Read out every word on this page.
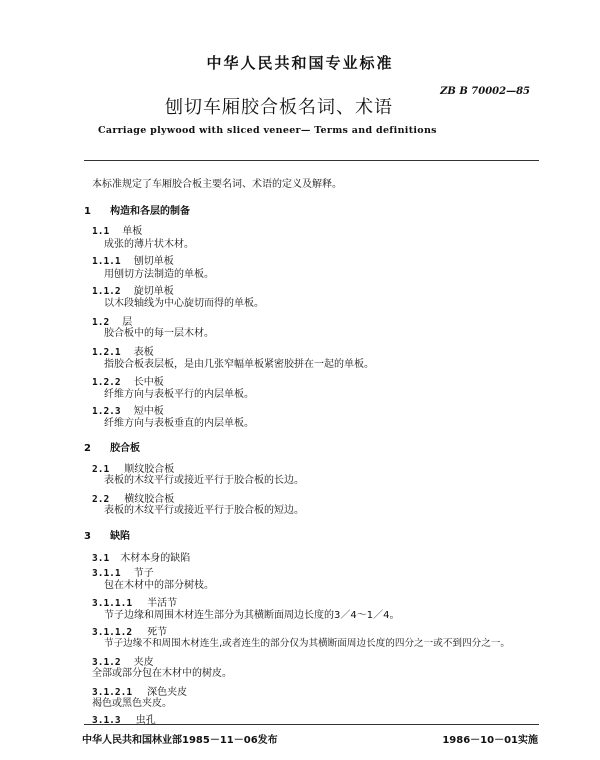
中华人民共和国专业标准
ZB B 70002—85
刨切车厢胶合板名词、术语
Carriage plywood with sliced veneer— Terms and definitions
本标准规定了车厢胶合板主要名词、术语的定义及解释。
1 构造和各层的制备
1.1 单板
成张的薄片状木材。
1.1.1 刨切单板
用刨切方法制造的单板。
1.1.2 旋切单板
以木段轴线为中心旋切而得的单板。
1.2 层
胶合板中的每一层木材。
1.2.1 表板
指胶合板表层板，是由几张窄幅单板紧密胶拼在一起的单板。
1.2.2 长中板
纤维方向与表板平行的内层单板。
1.2.3 短中板
纤维方向与表板垂直的内层单板。
2 胶合板
2.1 顺纹胶合板
表板的木纹平行或接近平行于胶合板的长边。
2.2 横纹胶合板
表板的木纹平行或接近平行于胶合板的短边。
3 缺陷
3.1 木材本身的缺陷
3.1.1 节子
包在木材中的部分树枝。
3.1.1.1 半活节
节子边缘和周围木材连生部分为其横断面周边长度的3／4～1／4。
3.1.1.2 死节
节子边缘不和周围木材连生,或者连生的部分仅为其横断面周边长度的四分之一或不到四分之一。
3.1.2 夹皮
全部或部分包在木材中的树皮。
3.1.2.1 深色夹皮
褐色或黑色夹皮。
3.1.3 虫孔
中华人民共和国林业部1985－11－06发布	1986－10－01实施
